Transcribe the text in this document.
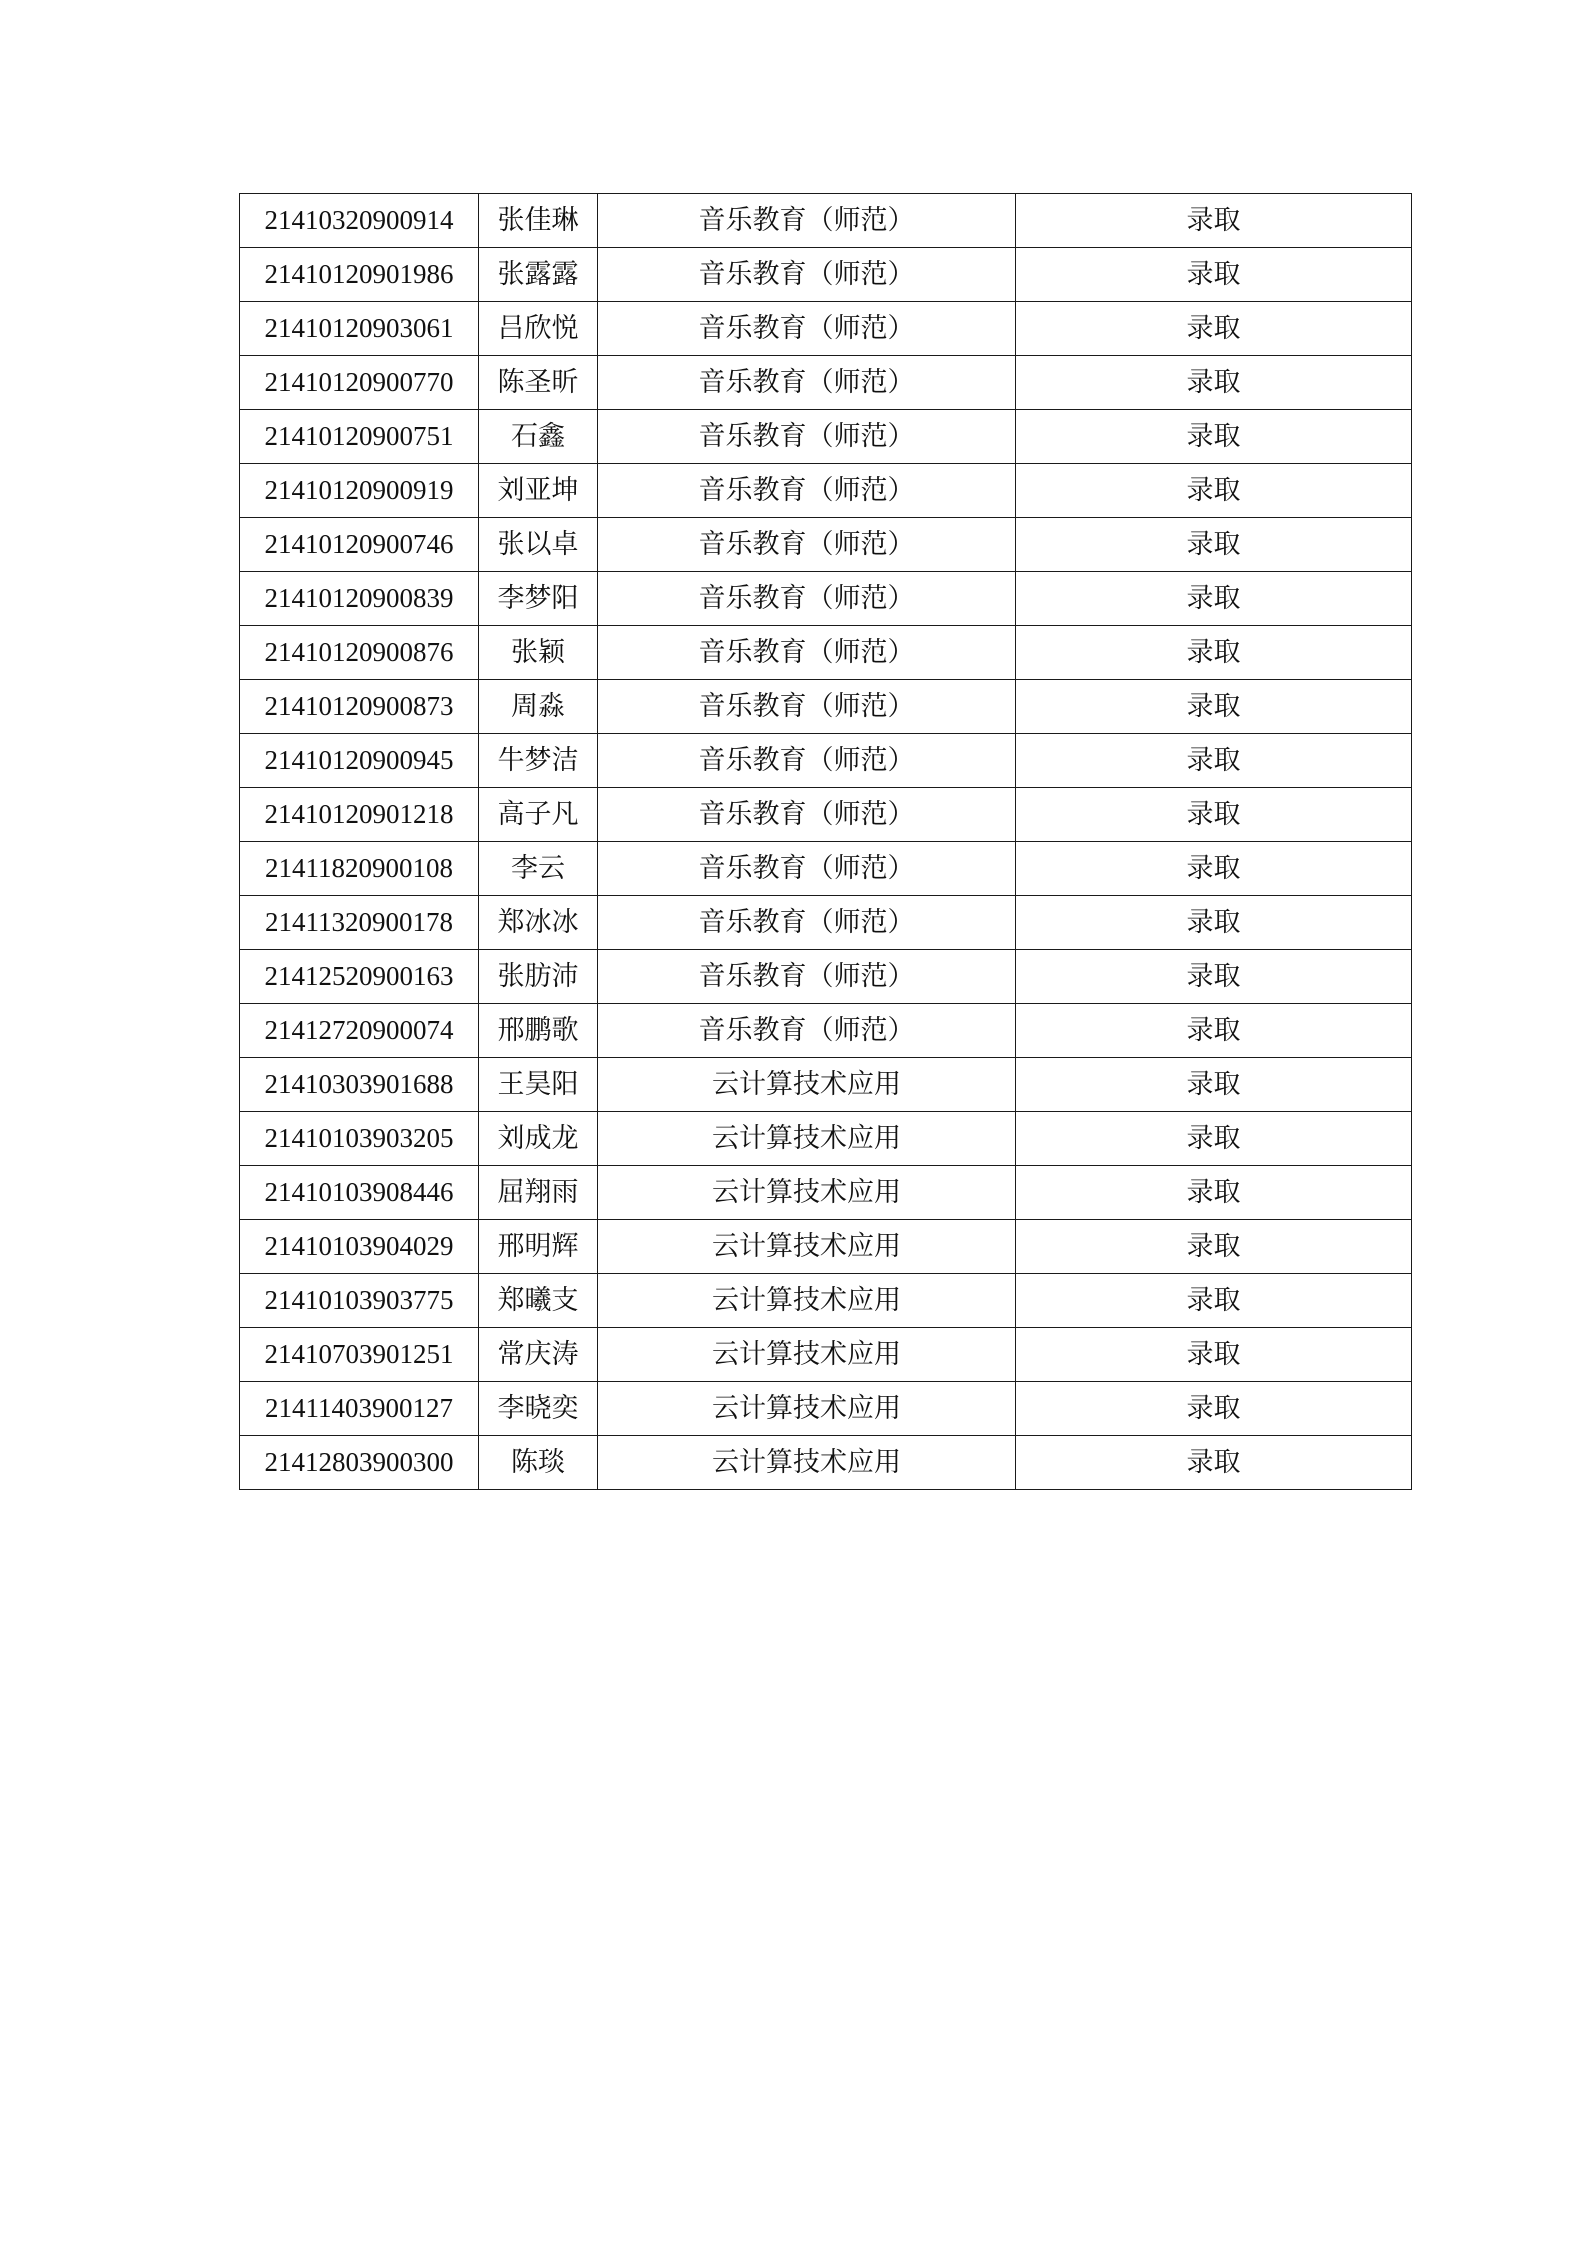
21410320900914	张佳琳	音乐教育（师范）	录取
21410120901986	张露露	音乐教育（师范）	录取
21410120903061	吕欣悦	音乐教育（师范）	录取
21410120900770	陈圣昕	音乐教育（师范）	录取
21410120900751	石鑫	音乐教育（师范）	录取
21410120900919	刘亚坤	音乐教育（师范）	录取
21410120900746	张以卓	音乐教育（师范）	录取
21410120900839	李梦阳	音乐教育（师范）	录取
21410120900876	张颖	音乐教育（师范）	录取
21410120900873	周淼	音乐教育（师范）	录取
21410120900945	牛梦洁	音乐教育（师范）	录取
21410120901218	高子凡	音乐教育（师范）	录取
21411820900108	李云	音乐教育（师范）	录取
21411320900178	郑冰冰	音乐教育（师范）	录取
21412520900163	张肪沛	音乐教育（师范）	录取
21412720900074	邢鹏歌	音乐教育（师范）	录取
21410303901688	王昊阳	云计算技术应用	录取
21410103903205	刘成龙	云计算技术应用	录取
21410103908446	屈翔雨	云计算技术应用	录取
21410103904029	邢明辉	云计算技术应用	录取
21410103903775	郑曦支	云计算技术应用	录取
21410703901251	常庆涛	云计算技术应用	录取
21411403900127	李晓奕	云计算技术应用	录取
21412803900300	陈琰	云计算技术应用	录取
